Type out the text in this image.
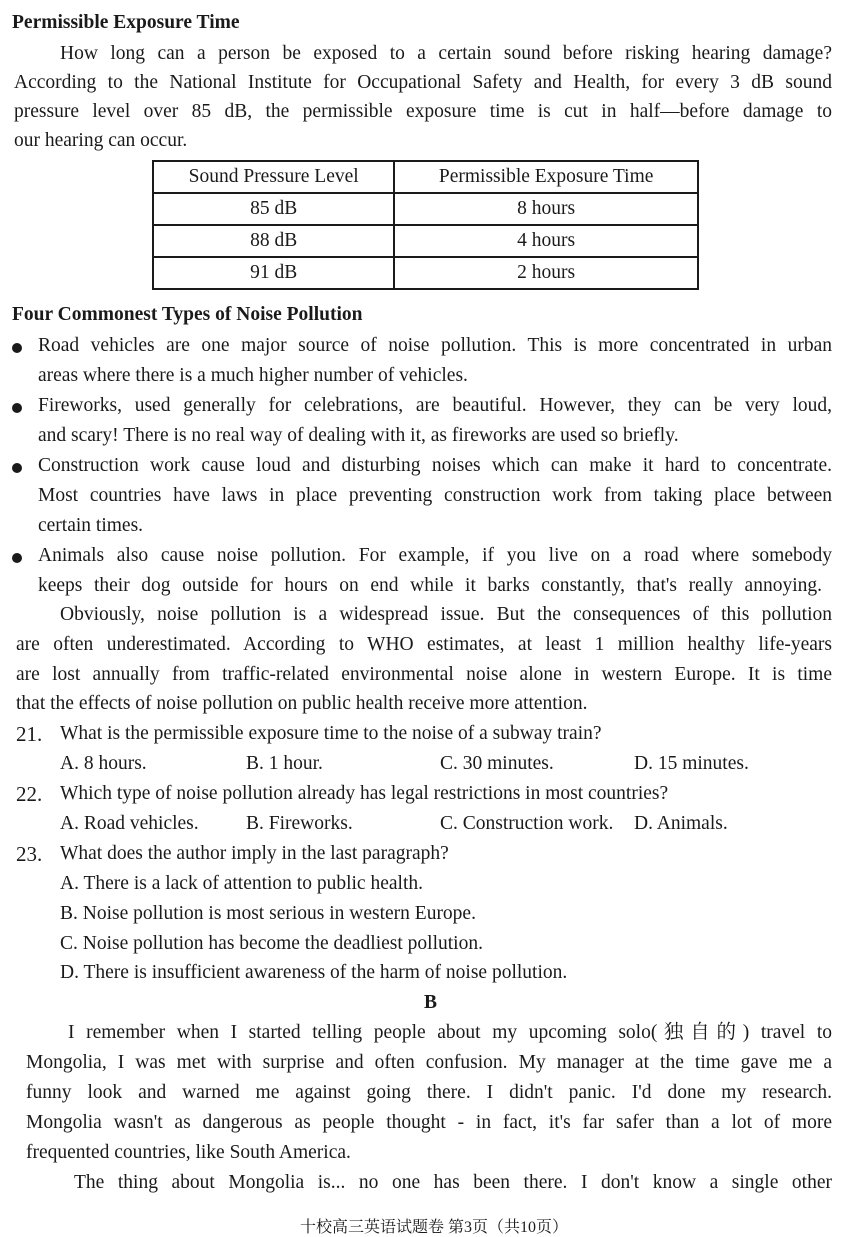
Permissible Exposure Time
How long can a person be exposed to a certain sound before risking hearing damage?
According to the National Institute for Occupational Safety and Health, for every 3 dB sound
pressure level over 85 dB, the permissible exposure time is cut in half—before damage to
our hearing can occur.
Sound Pressure Level	Permissible Exposure Time
85 dB	8 hours
88 dB	4 hours
91 dB	2 hours
Four Commonest Types of Noise Pollution
Road vehicles are one major source of noise pollution. This is more concentrated in urban
areas where there is a much higher number of vehicles.
Fireworks, used generally for celebrations, are beautiful. However, they can be very loud,
and scary! There is no real way of dealing with it, as fireworks are used so briefly.
Construction work cause loud and disturbing noises which can make it hard to concentrate.
Most countries have laws in place preventing construction work from taking place between
certain times.
Animals also cause noise pollution. For example, if you live on a road where somebody
keeps their dog outside for hours on end while it barks constantly, that's really annoying.
Obviously, noise pollution is a widespread issue. But the consequences of this pollution
are often underestimated. According to WHO estimates, at least 1 million healthy life-years
are lost annually from traffic-related environmental noise alone in western Europe. It is time
that the effects of noise pollution on public health receive more attention.
21. What is the permissible exposure time to the noise of a subway train?
A. 8 hours.	B. 1 hour.	C. 30 minutes.	D. 15 minutes.
22. Which type of noise pollution already has legal restrictions in most countries?
A. Road vehicles. B. Fireworks.	C. Construction work. D. Animals.
23. What does the author imply in the last paragraph?
A. There is a lack of attention to public health.
B. Noise pollution is most serious in western Europe.
C. Noise pollution has become the deadliest pollution.
D. There is insufficient awareness of the harm of noise pollution.
B
I remember when I started telling people about my upcoming solo(独自的) travel to
Mongolia, I was met with surprise and often confusion. My manager at the time gave me a
funny look and warned me against going there. I didn't panic. I'd done my research.
Mongolia wasn't as dangerous as people thought - in fact, it's far safer than a lot of more
frequented countries, like South America.
The thing about Mongolia is... no one has been there. I don't know a single other
十校高三英语试题卷 第3页（共10页）
